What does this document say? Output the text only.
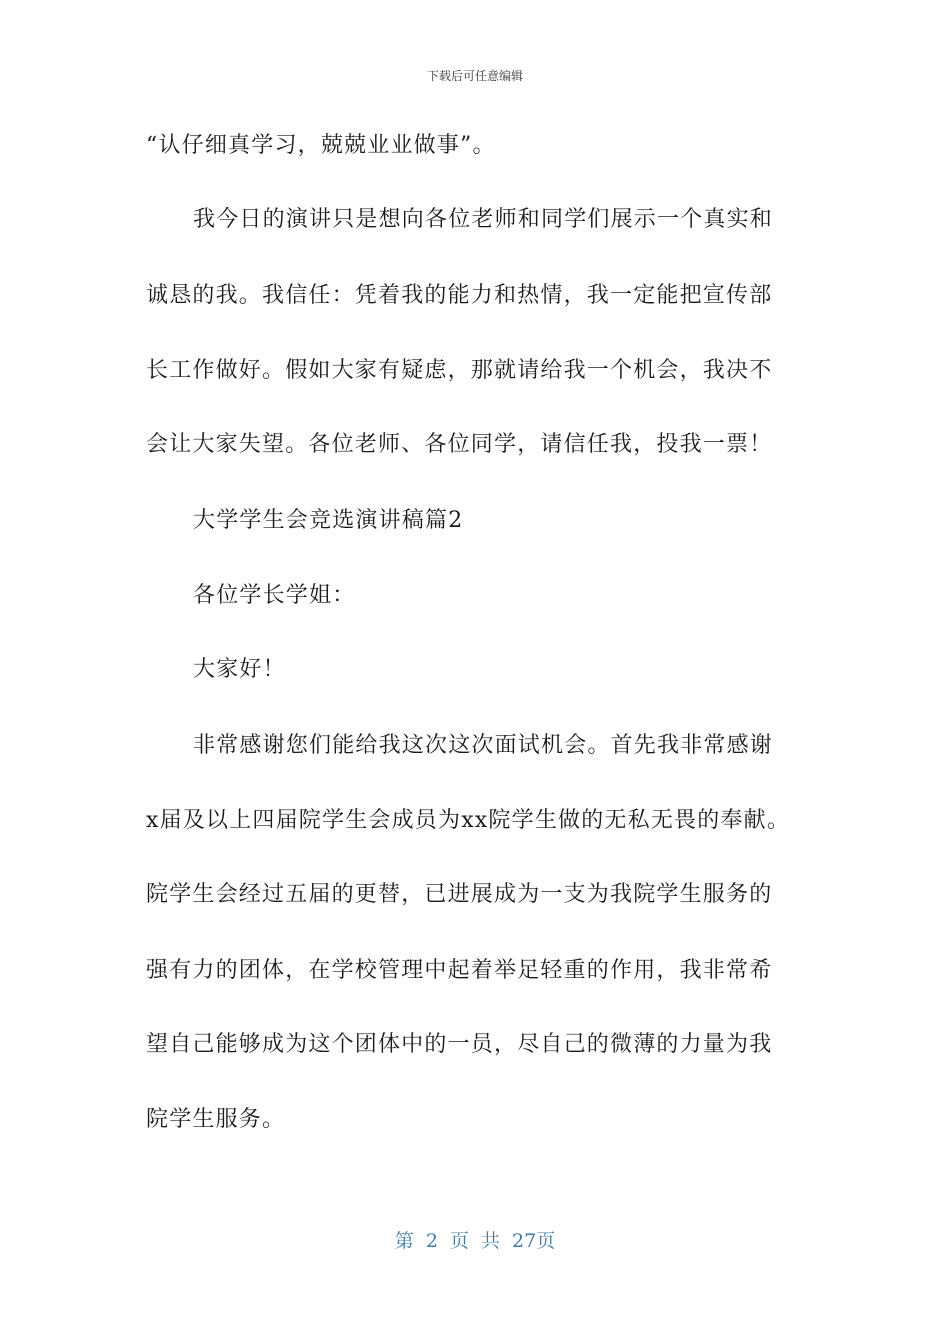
下载后可任意编辑
“认仔细真学习，兢兢业业做事”。
我今日的演讲只是想向各位老师和同学们展示一个真实和
诚恳的我。我信任：凭着我的能力和热情，我一定能把宣传部
长工作做好。假如大家有疑虑，那就请给我一个机会，我决不
会让大家失望。各位老师、各位同学，请信任我，投我一票！
大学学生会竞选演讲稿篇2
各位学长学姐：
大家好！
非常感谢您们能给我这次这次面试机会。首先我非常感谢
x届及以上四届院学生会成员为xx院学生做的无私无畏的奉献。
院学生会经过五届的更替，已进展成为一支为我院学生服务的
强有力的团体，在学校管理中起着举足轻重的作用，我非常希
望自己能够成为这个团体中的一员，尽自己的微薄的力量为我
院学生服务。
第 2 页 共 27页
